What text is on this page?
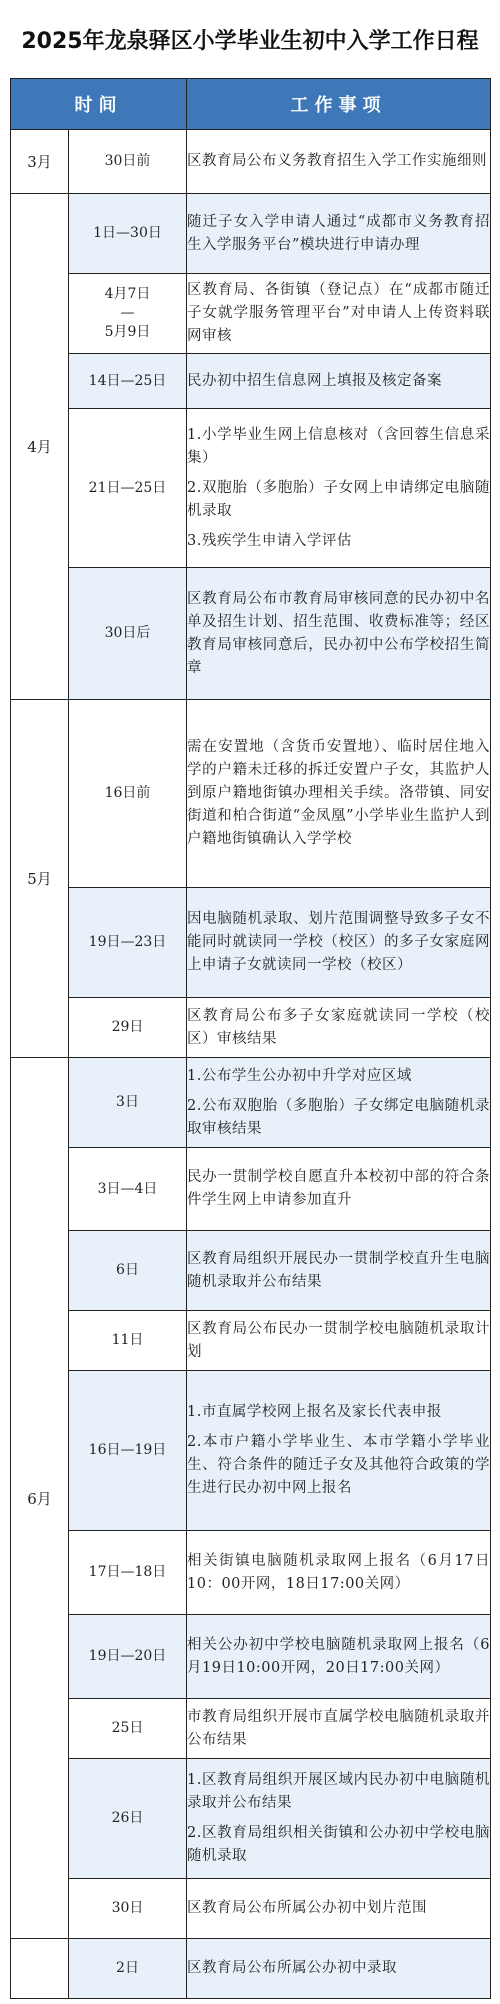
2025年龙泉驿区小学毕业生初中入学工作日程
时间		工作事项
3月	30日前	区教育局公布义务教育招生入学工作实施细则

4月	1日—30日	随迁子女入学申请人通过“成都市义务教育招生入学服务平台”模块进行申请办理

	4月7日
—
5月9日	区教育局、各街镇（登记点）在“成都市随迁子女就学服务管理平台”对申请人上传资料联网审核

	14日—25日	民办初中招生信息网上填报及核定备案

	21日—25日	1.小学毕业生网上信息核对（含回蓉生信息采集）

2.双胞胎（多胞胎）子女网上申请绑定电脑随机录取

3.残疾学生申请入学评估

	30日后	区教育局公布市教育局审核同意的民办初中名单及招生计划、招生范围、收费标准等；经区教育局审核同意后，民办初中公布学校招生简章

5月	16日前	需在安置地（含货币安置地）、临时居住地入学的户籍未迁移的拆迁安置户子女，其监护人到原户籍地街镇办理相关手续。洛带镇、同安街道和柏合街道“金凤凰”小学毕业生监护人到户籍地街镇确认入学学校

	19日—23日	因电脑随机录取、划片范围调整导致多子女不能同时就读同一学校（校区）的多子女家庭网上申请子女就读同一学校（校区）

	29日	区教育局公布多子女家庭就读同一学校（校区）审核结果

6月	3日	1.公布学生公办初中升学对应区域

2.公布双胞胎（多胞胎）子女绑定电脑随机录取审核结果

	3日—4日	民办一贯制学校自愿直升本校初中部的符合条件学生网上申请参加直升

	6日	区教育局组织开展民办一贯制学校直升生电脑随机录取并公布结果

	11日	区教育局公布民办一贯制学校电脑随机录取计划

	16日—19日	1.市直属学校网上报名及家长代表申报

2.本市户籍小学毕业生、本市学籍小学毕业生、符合条件的随迁子女及其他符合政策的学生进行民办初中网上报名

	17日—18日	相关街镇电脑随机录取网上报名（6月17日10：00开网，18日17:00关网）

	19日—20日	相关公办初中学校电脑随机录取网上报名（6月19日10:00开网，20日17:00关网）

	25日	市教育局组织开展市直属学校电脑随机录取并公布结果

	26日	1.区教育局组织开展区域内民办初中电脑随机录取并公布结果

2.区教育局组织相关街镇和公办初中学校电脑随机录取

	30日	区教育局公布所属公办初中划片范围

	2日	区教育局公布所属公办初中录取
